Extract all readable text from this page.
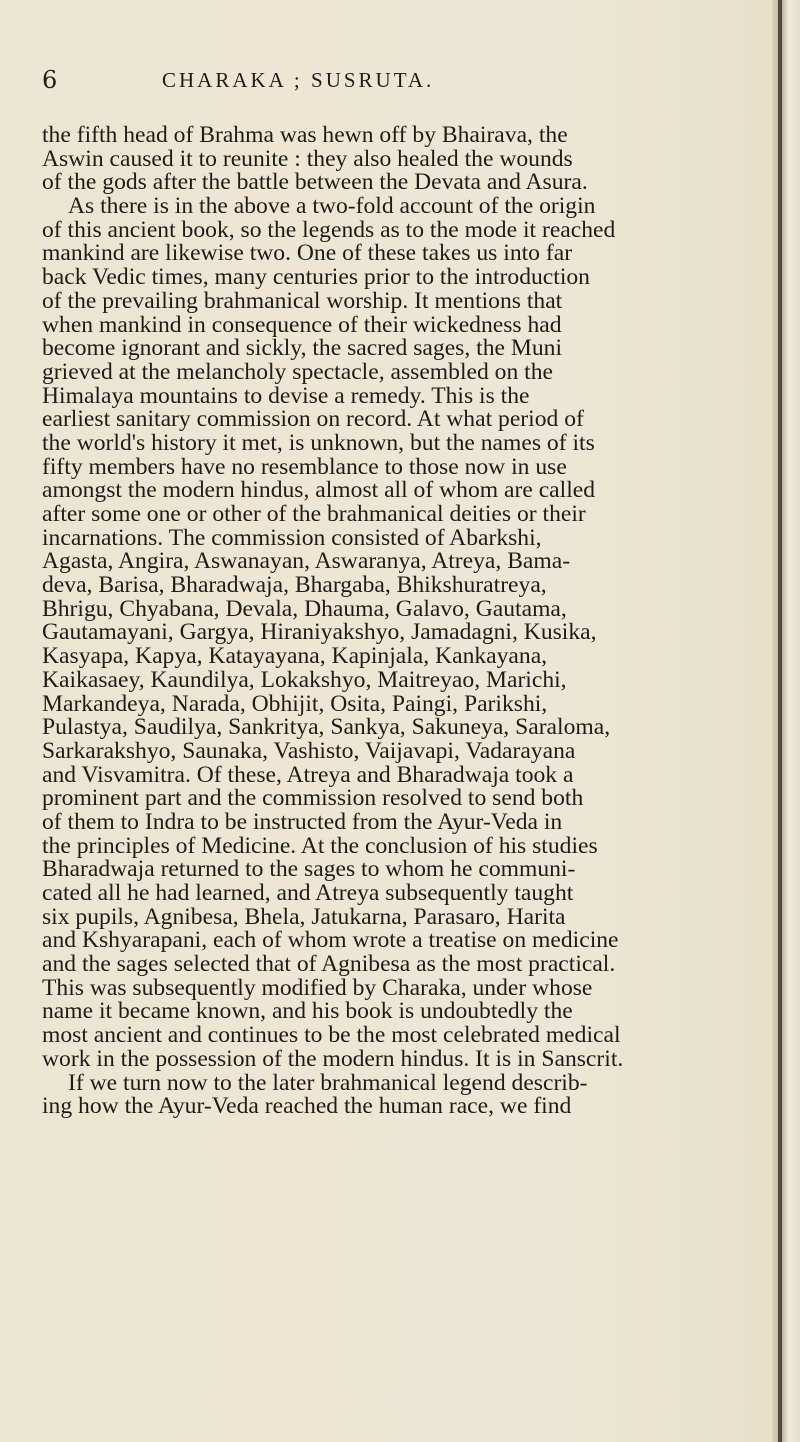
6	CHARAKA ; SUSRUTA.
the fifth head of Brahma was hewn off by Bhairava, the
Aswin caused it to reunite : they also healed the wounds
of the gods after the battle between the Devata and Asura.
As there is in the above a two-fold account of the origin
of this ancient book, so the legends as to the mode it reached
mankind are likewise two. One of these takes us into far
back Vedic times, many centuries prior to the introduction
of the prevailing brahmanical worship. It mentions that
when mankind in consequence of their wickedness had
become ignorant and sickly, the sacred sages, the Muni
grieved at the melancholy spectacle, assembled on the
Himalaya mountains to devise a remedy. This is the
earliest sanitary commission on record. At what period of
the world's history it met, is unknown, but the names of its
fifty members have no resemblance to those now in use
amongst the modern hindus, almost all of whom are called
after some one or other of the brahmanical deities or their
incarnations. The commission consisted of Abarkshi,
Agasta, Angira, Aswanayan, Aswaranya, Atreya, Bama-
deva, Barisa, Bharadwaja, Bhargaba, Bhikshuratreya,
Bhrigu, Chyabana, Devala, Dhauma, Galavo, Gautama,
Gautamayani, Gargya, Hiraniyakshyo, Jamadagni, Kusika,
Kasyapa, Kapya, Katayayana, Kapinjala, Kankayana,
Kaikasaey, Kaundilya, Lokakshyo, Maitreyao, Marichi,
Markandeya, Narada, Obhijit, Osita, Paingi, Parikshi,
Pulastya, Saudilya, Sankritya, Sankya, Sakuneya, Saraloma,
Sarkarakshyo, Saunaka, Vashisto, Vaijavapi, Vadarayana
and Visvamitra. Of these, Atreya and Bharadwaja took a
prominent part and the commission resolved to send both
of them to Indra to be instructed from the Ayur-Veda in
the principles of Medicine. At the conclusion of his studies
Bharadwaja returned to the sages to whom he communi-
cated all he had learned, and Atreya subsequently taught
six pupils, Agnibesa, Bhela, Jatukarna, Parasaro, Harita
and Kshyarapani, each of whom wrote a treatise on medicine
and the sages selected that of Agnibesa as the most practical.
This was subsequently modified by Charaka, under whose
name it became known, and his book is undoubtedly the
most ancient and continues to be the most celebrated medical
work in the possession of the modern hindus. It is in Sanscrit.
If we turn now to the later brahmanical legend describ-
ing how the Ayur-Veda reached the human race, we find
